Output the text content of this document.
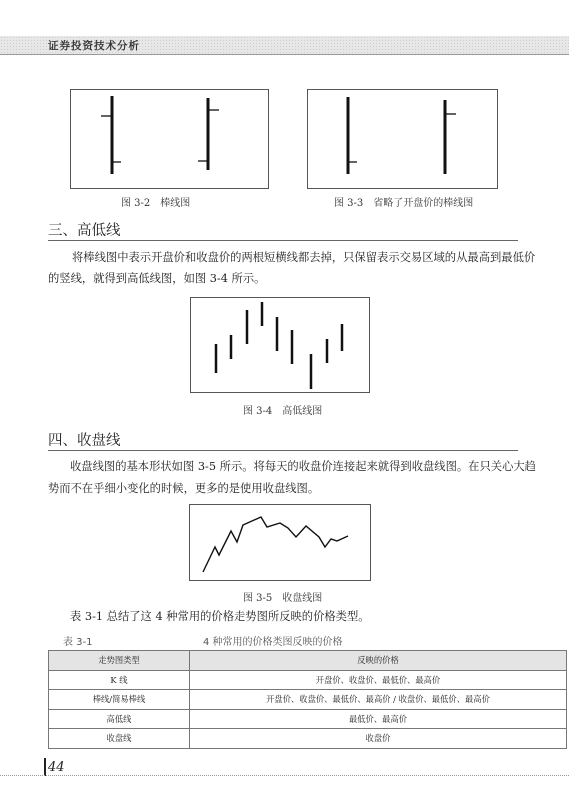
证券投资技术分析
图 3-2　棒线图	图 3-3　省略了开盘价的棒线图
三、高低线
将棒线图中表示开盘价和收盘价的两根短横线都去掉，只保留表示交易区域的从最高到最低价
的竖线，就得到高低线图，如图 3-4 所示。
图 3-4　高低线图
四、收盘线
收盘线图的基本形状如图 3-5 所示。将每天的收盘价连接起来就得到收盘线图。在只关心大趋
势而不在乎细小变化的时候，更多的是使用收盘线图。
图 3-5　收盘线图
表 3-1 总结了这 4 种常用的价格走势图所反映的价格类型。
表 3-1	4 种常用的价格类图反映的价格
走势图类型	反映的价格
K 线	开盘价、收盘价、最低价、最高价
棒线/简易棒线	开盘价、收盘价、最低价、最高价 / 收盘价、最低价、最高价
高低线	最低价、最高价
收盘线	收盘价
44
